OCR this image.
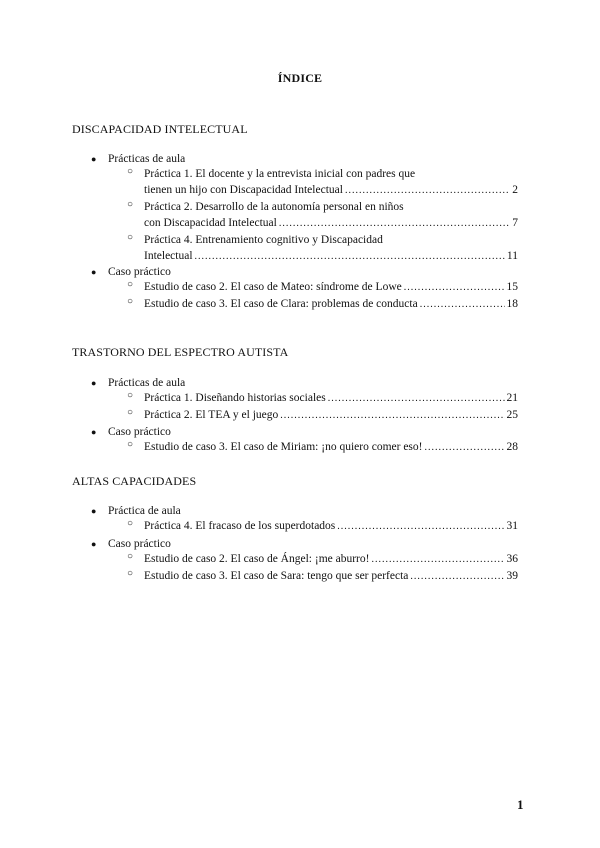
ÍNDICE
DISCAPACIDAD INTELECTUAL
●	Prácticas de aula
○ Práctica 1. El docente y la entrevista inicial con padres que
tienen un hijo con Discapacidad Intelectual .....	2
○ Práctica 2. Desarrollo de la autonomía personal en niños
con Discapacidad Intelectual .....	7
○ Práctica 4. Entrenamiento cognitivo y Discapacidad
Intelectual .....	11
●	Caso práctico
○ Estudio de caso 2. El caso de Mateo: síndrome de Lowe .....	15
○ Estudio de caso 3. El caso de Clara: problemas de conducta .....	18
TRASTORNO DEL ESPECTRO AUTISTA
●	Prácticas de aula
○ Práctica 1. Diseñando historias sociales .....	21
○ Práctica 2. El TEA y el juego .....	25
●	Caso práctico
○ Estudio de caso 3. El caso de Miriam: ¡no quiero comer eso! .....	28
ALTAS CAPACIDADES
●	Práctica de aula
○ Práctica 4. El fracaso de los superdotados .....	31
●	Caso práctico
○ Estudio de caso 2. El caso de Ángel: ¡me aburro! .....	36
○ Estudio de caso 3. El caso de Sara: tengo que ser perfecta .....	39
1
